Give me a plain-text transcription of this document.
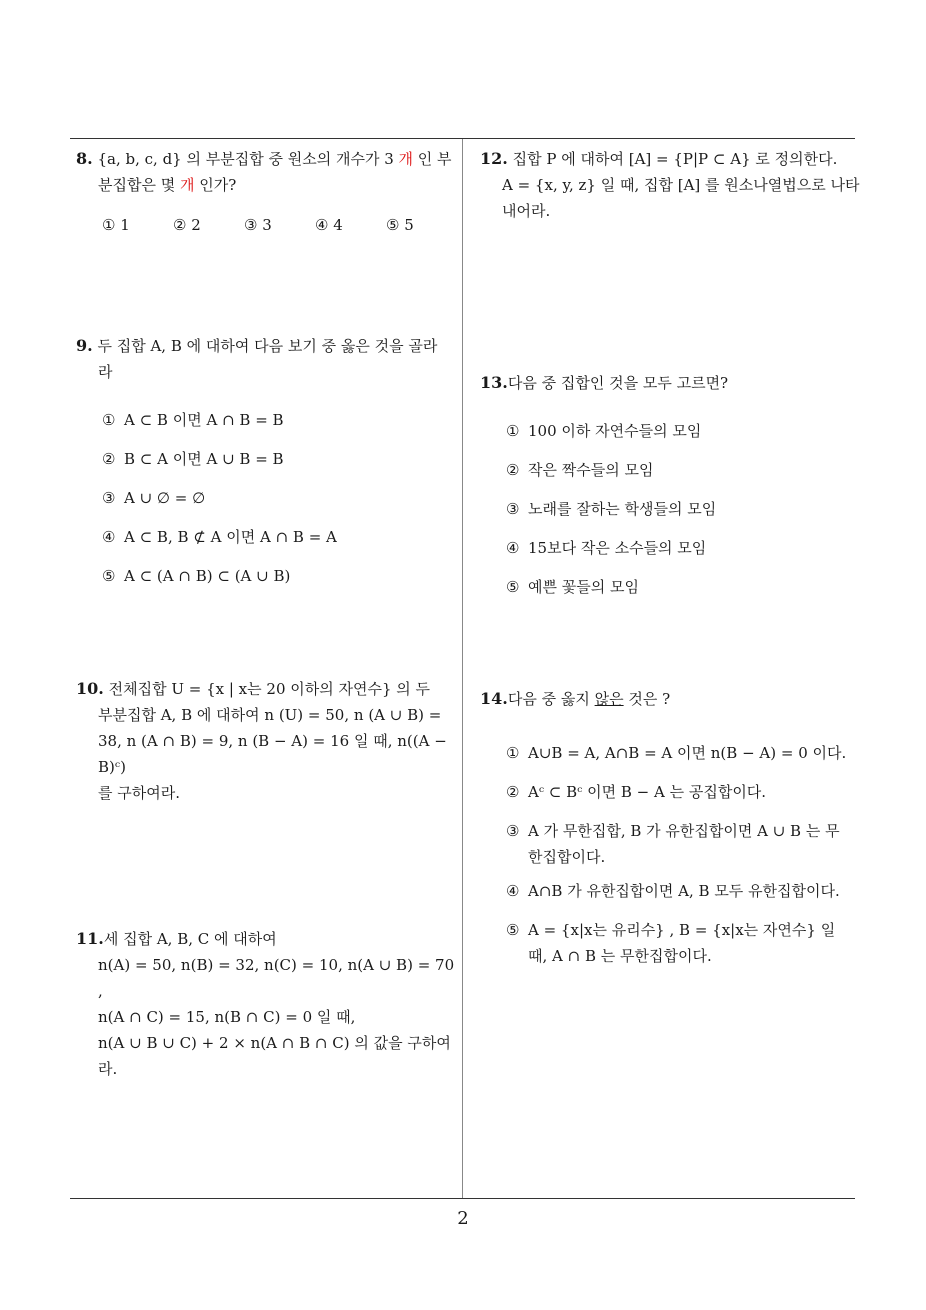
8. {a, b, c, d} 의 부분집합 중 원소의 개수가 3 개 인 부
분집합은 몇 개 인가?
① 1	② 2	③ 3	④ 4	⑤ 5
9. 두 집합 A, B 에 대하여 다음 보기 중 옳은 것을 골라
라
① A ⊂ B 이면 A ∩ B = B
② B ⊂ A 이면 A ∪ B = B
③ A ∪ ∅ = ∅
④ A ⊂ B, B ⊄ A 이면 A ∩ B = A
⑤ A ⊂ (A ∩ B) ⊂ (A ∪ B)
10. 전체집합 U = {x | x는 20 이하의 자연수} 의 두
부분집합 A, B 에 대하여 n (U) = 50, n (A ∪ B) =
38, n (A ∩ B) = 9, n (B − A) = 16 일 때, n((A − B)ᶜ)
를 구하여라.
11.세 집합 A, B, C 에 대하여
n(A) = 50, n(B) = 32, n(C) = 10, n(A ∪ B) = 70 ,
n(A ∩ C) = 15, n(B ∩ C) = 0 일 때,
n(A ∪ B ∪ C) + 2 × n(A ∩ B ∩ C) 의 값을 구하여라.
12. 집합 P 에 대하여 [A] = {P|P ⊂ A} 로 정의한다.
A = {x, y, z} 일 때, 집합 [A] 를 원소나열법으로 나타
내어라.
13.다음 중 집합인 것을 모두 고르면?
① 100 이하 자연수들의 모임
② 작은 짝수들의 모임
③ 노래를 잘하는 학생들의 모임
④ 15보다 작은 소수들의 모임
⑤ 예쁜 꽃들의 모임
14.다음 중 옳지 않은 것은 ?
① A∪B = A, A∩B = A 이면 n(B − A) = 0 이다.
② Aᶜ ⊂ Bᶜ 이면 B − A 는 공집합이다.
③ A 가 무한집합, B 가 유한집합이면 A ∪ B 는 무
한집합이다.
④ A∩B 가 유한집합이면 A, B 모두 유한집합이다.
⑤ A = {x|x는 유리수} , B = {x|x는 자연수} 일
때, A ∩ B 는 무한집합이다.
2
